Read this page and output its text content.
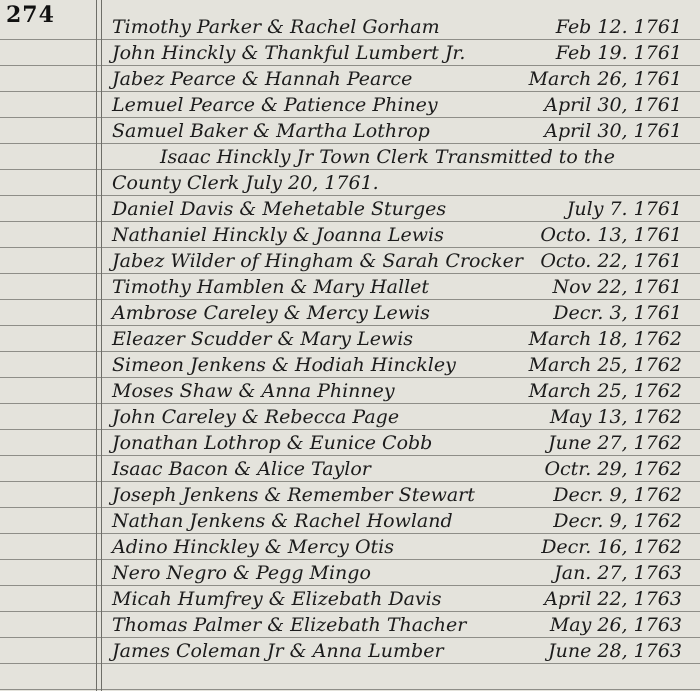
274	Timothy Parker & Rachel Gorham	Feb 12. 1761
John Hinckly & Thankful Lumbert Jr.	Feb 19. 1761
Jabez Pearce & Hannah Pearce	March 26, 1761
Lemuel Pearce & Patience Phiney	April 30, 1761
Samuel Baker & Martha Lothrop	April 30, 1761
Isaac Hinckly Jr Town Clerk Transmitted to the
County Clerk July 20, 1761.
Daniel Davis & Mehetable Sturges	July 7. 1761
Nathaniel Hinckly & Joanna Lewis	Octo. 13, 1761
Jabez Wilder of Hingham & Sarah Crocker Octo. 22, 1761
Timothy Hamblen & Mary Hallet	Nov 22, 1761
Ambrose Careley & Mercy Lewis	Decr. 3, 1761
Eleazer Scudder & Mary Lewis	March 18, 1762
Simeon Jenkens & Hodiah Hinckley	March 25, 1762
Moses Shaw & Anna Phinney	March 25, 1762
John Careley & Rebecca Page	May 13, 1762
Jonathan Lothrop & Eunice Cobb	June 27, 1762
Isaac Bacon & Alice Taylor	Octr. 29, 1762
Joseph Jenkens & Remember Stewart	Decr. 9, 1762
Nathan Jenkens & Rachel Howland	Decr. 9, 1762
Adino Hinckley & Mercy Otis	Decr. 16, 1762
Nero Negro & Pegg Mingo	Jan. 27, 1763
Micah Humfrey & Elizebath Davis	April 22, 1763
Thomas Palmer & Elizebath Thacher	May 26, 1763
James Coleman Jr & Anna Lumber	June 28, 1763
